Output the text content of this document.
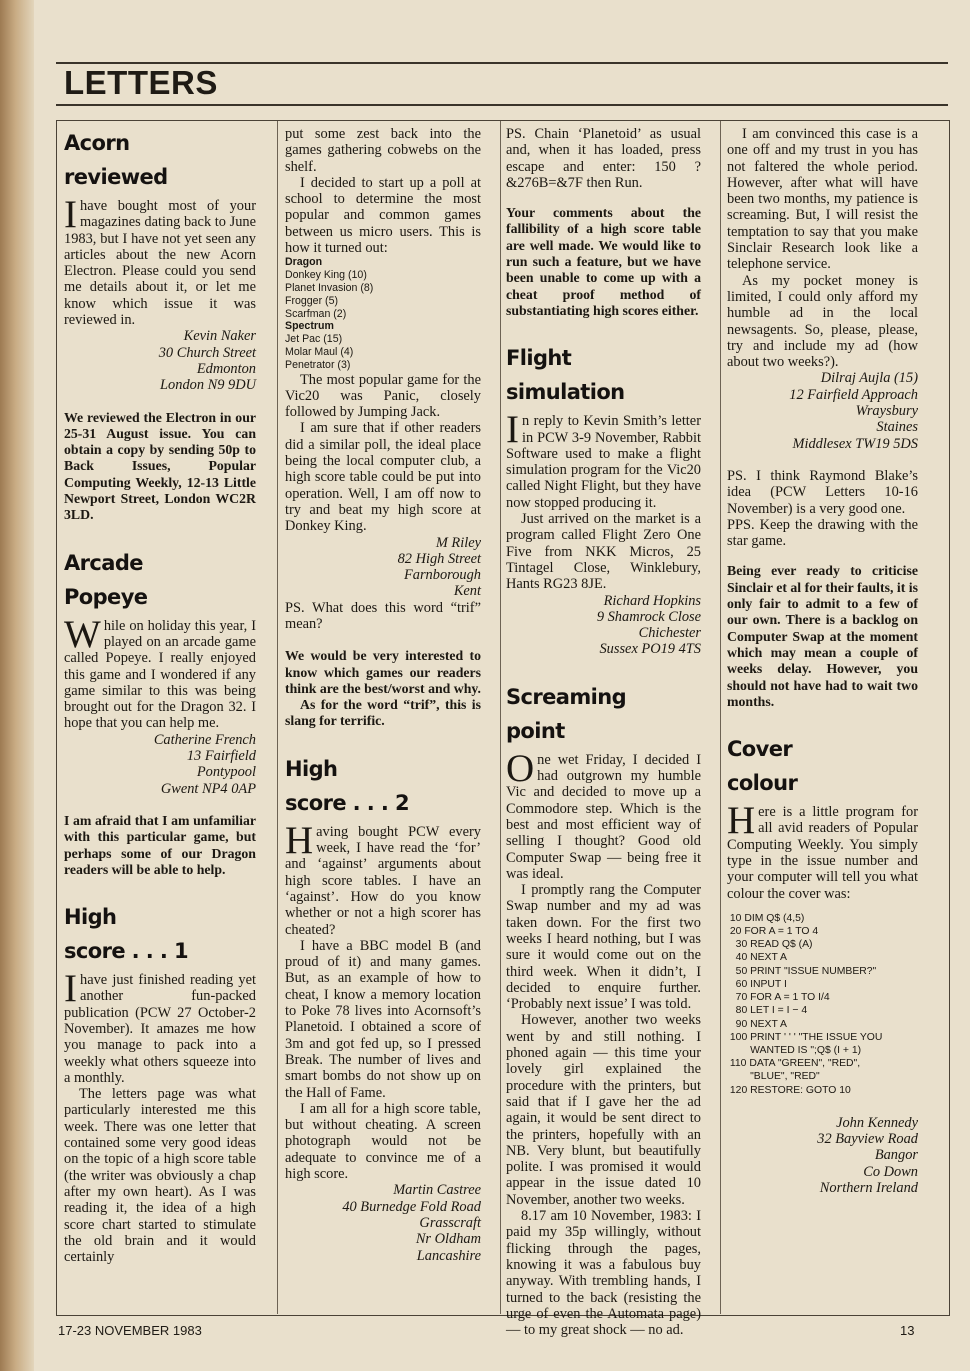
LETTERS
Acorn
reviewed

Ihave bought most of your magazines dating back to June 1983, but I have not yet seen any articles about the new Acorn Electron. Please could you send me details about it, or let me know which issue it was reviewed in.

Kevin Naker
30 Church Street
Edmonton
London N9 9DU

We reviewed the Electron in our 25-31 August issue. You can obtain a copy by sending 50p to Back Issues, Popular Computing Weekly, 12-13 Little Newport Street, London WC2R 3LD.

Arcade
Popeye

While on holiday this year, I played on an arcade game called Popeye. I really enjoyed this game and I wondered if any game similar to this was being brought out for the Dragon 32. I hope that you can help me.

Catherine French
13 Fairfield
Pontypool
Gwent NP4 0AP

I am afraid that I am unfamiliar with this particular game, but perhaps some of our Dragon readers will be able to help.

High
score . . . 1

Ihave just finished reading yet another fun-packed publication (PCW 27 October-2 November). It amazes me how you manage to pack into a weekly what others squeeze into a monthly.

The letters page was what particularly interested me this week. There was one letter that contained some very good ideas on the topic of a high score table (the writer was obviously a chap after my own heart). As I was reading it, the idea of a high score chart started to stimulate the old brain and it would certainly

put some zest back into the games gathering cobwebs on the shelf.

I decided to start up a poll at school to determine the most popular and common games between us micro users. This is how it turned out:

Dragon
Donkey King (10)
Planet Invasion (8)
Frogger (5)
Scarfman (2)
Spectrum
Jet Pac (15)
Molar Maul (4)
Penetrator (3)

The most popular game for the Vic20 was Panic, closely followed by Jumping Jack.

I am sure that if other readers did a similar poll, the ideal place being the local computer club, a high score table could be put into operation. Well, I am off now to try and beat my high score at Donkey King.

M Riley
82 High Street
Farnborough
Kent

PS. What does this word “trif” mean?

We would be very interested to know which games our readers think are the best/worst and why.

As for the word “trif”, this is slang for terrific.

High
score . . . 2

Having bought PCW every week, I have read the ‘for’ and ‘against’ arguments about high score tables. I have an ‘against’. How do you know whether or not a high scorer has cheated?

I have a BBC model B (and proud of it) and many games. But, as an example of how to cheat, I know a memory location to Poke 78 lives into Acornsoft’s Planetoid. I obtained a score of 3m and got fed up, so I pressed Break. The number of lives and smart bombs do not show up on the Hall of Fame.

I am all for a high score table, but without cheating. A screen photograph would not be adequate to convince me of a high score.

Martin Castree
40 Burnedge Fold Road
Grasscraft
Nr Oldham
Lancashire

PS. Chain ‘Planetoid’ as usual and, when it has loaded, press escape and enter: 150 ?&276B=&7F then Run.

Your comments about the fallibility of a high score table are well made. We would like to run such a feature, but we have been unable to come up with a cheat proof method of substantiating high scores either.

Flight
simulation

In reply to Kevin Smith’s letter in PCW 3-9 November, Rabbit Software used to make a flight simulation program for the Vic20 called Night Flight, but they have now stopped producing it.

Just arrived on the market is a program called Flight Zero One Five from NKK Micros, 25 Tintagel Close, Winklebury, Hants RG23 8JE.

Richard Hopkins
9 Shamrock Close
Chichester
Sussex PO19 4TS
Screaming
point

One wet Friday, I decided I had outgrown my humble Vic and decided to move up a Commodore step. Which is the best and most efficient way of selling I thought? Good old Computer Swap — being free it was ideal.

I promptly rang the Computer Swap number and my ad was taken down. For the first two weeks I heard nothing, but I was sure it would come out on the third week. When it didn’t, I decided to enquire further. ‘Probably next issue’ I was told.

However, another two weeks went by and still nothing. I phoned again — this time your lovely girl explained the procedure with the printers, but said that if I gave her the ad again, it would be sent direct to the printers, hopefully with an NB. Very blunt, but beautifully polite. I was promised it would appear in the issue dated 10 November, another two weeks.

8.17 am 10 November, 1983: I paid my 35p willingly, without flicking through the pages, knowing it was a fabulous buy anyway. With trembling hands, I turned to the back (resisting the urge of even the Automata page) — to my great shock — no ad.

I am convinced this case is a one off and my trust in you has not faltered the whole period. However, after what will have been two months, my patience is screaming. But, I will resist the temptation to say that you make Sinclair Research look like a telephone service.

As my pocket money is limited, I could only afford my humble ad in the local newsagents. So, please, please, try and include my ad (how about two weeks?).

Dilraj Aujla (15)
12 Fairfield Approach
Wraysbury
Staines
Middlesex TW19 5DS

PS. I think Raymond Blake’s idea (PCW Letters 10-16 November) is a very good one.

PPS. Keep the drawing with the star game.

Being ever ready to criticise Sinclair et al for their faults, it is only fair to admit to a few of our own. There is a backlog on Computer Swap at the moment which may mean a couple of weeks delay. However, you should not have had to wait two months.

Cover
colour

Here is a little program for all avid readers of Popular Computing Weekly. You simply type in the issue number and your computer will tell you what colour the cover was:

10 DIM Q$ (4,5)
20 FOR A = 1 TO 4
30 READ Q$ (A)
40 NEXT A
50 PRINT "ISSUE NUMBER?"
60 INPUT I
70 FOR A = 1 TO I/4
80 LET I = I − 4
90 NEXT A
100 PRINT ' ' ' "THE ISSUE YOU
WANTED IS ";Q$ (I + 1)
110 DATA "GREEN", "RED",
"BLUE", "RED"
120 RESTORE: GOTO 10
John Kennedy
32 Bayview Road
Bangor
Co Down
Northern Ireland
17-23 NOVEMBER 1983	13
